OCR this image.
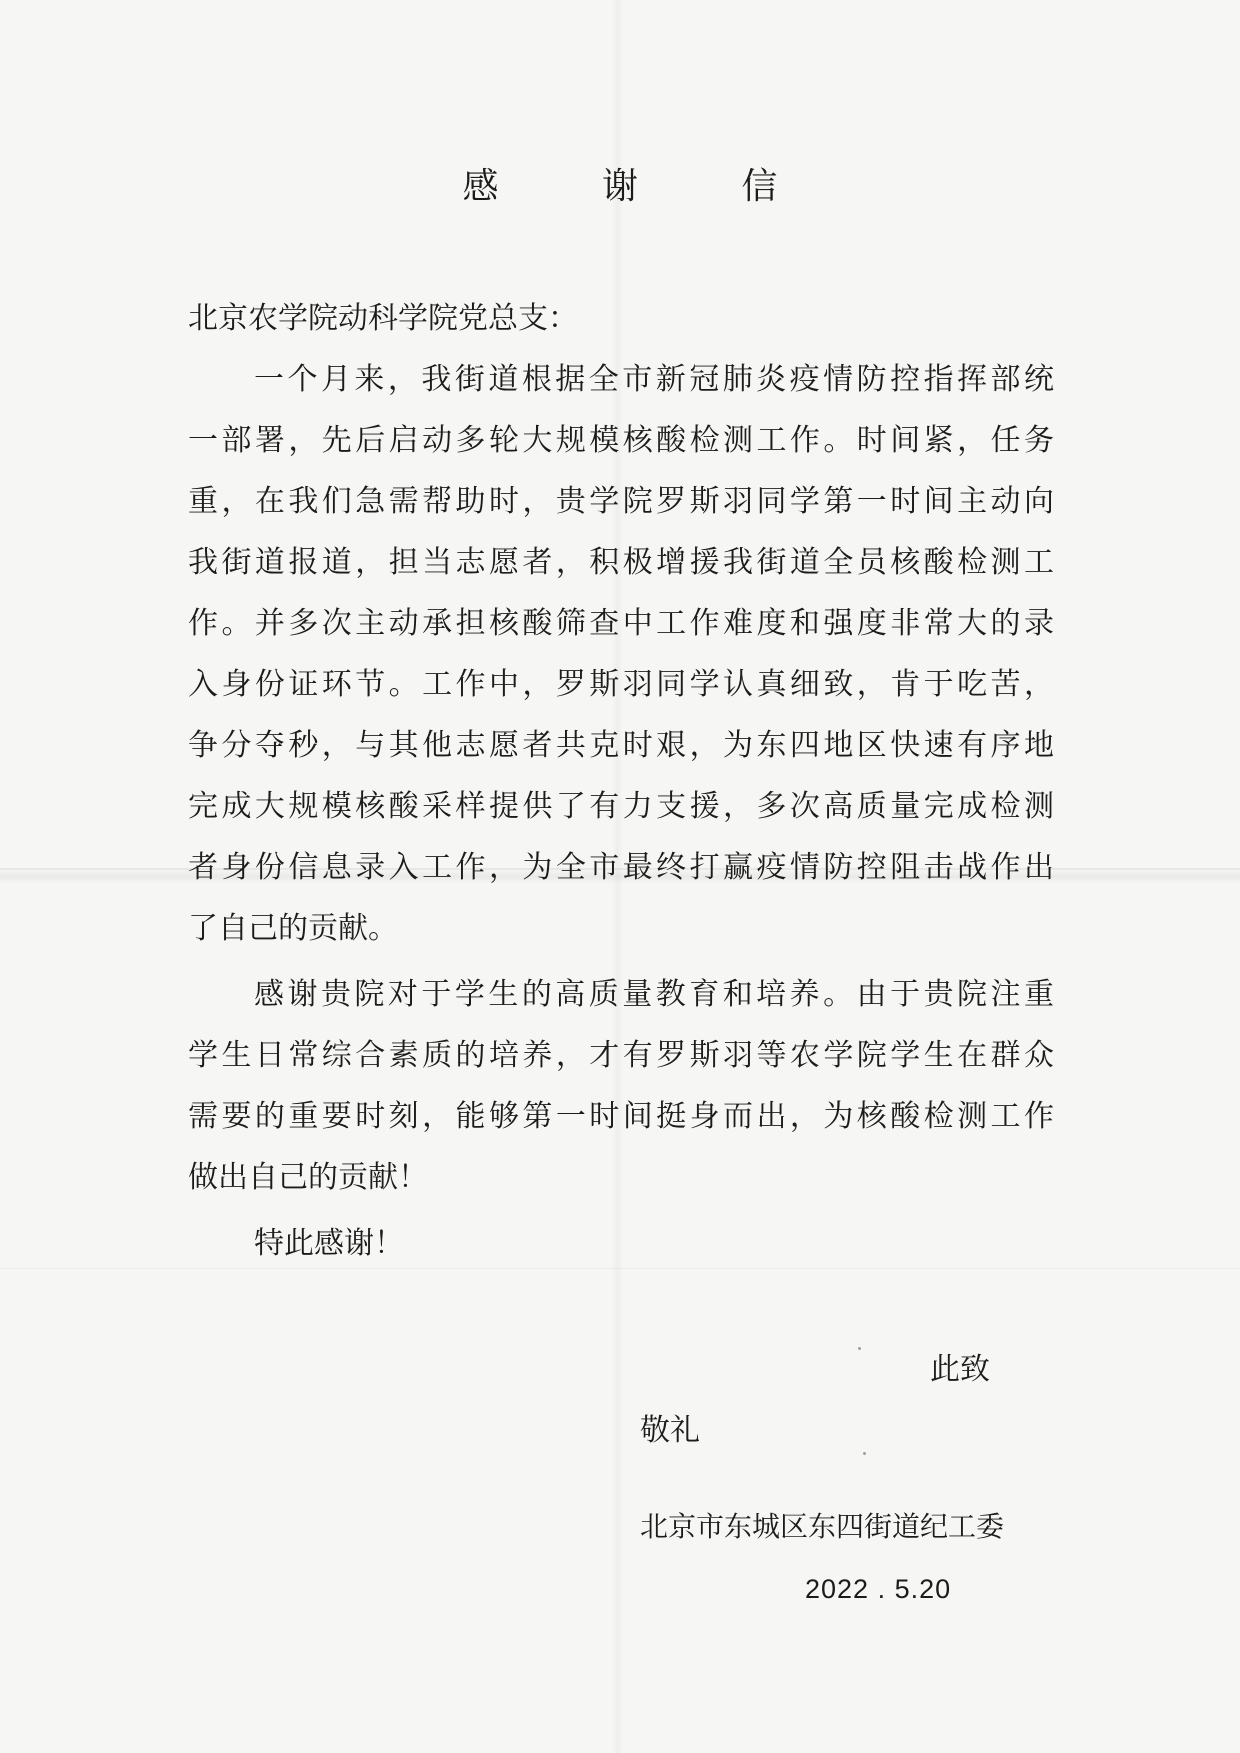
感 谢 信
北京农学院动科学院党总支：
一个月来，我街道根据全市新冠肺炎疫情防控指挥部统
一部署，先后启动多轮大规模核酸检测工作。时间紧，任务
重，在我们急需帮助时，贵学院罗斯羽同学第一时间主动向
我街道报道，担当志愿者，积极增援我街道全员核酸检测工
作。并多次主动承担核酸筛查中工作难度和强度非常大的录
入身份证环节。工作中，罗斯羽同学认真细致，肯于吃苦，
争分夺秒，与其他志愿者共克时艰，为东四地区快速有序地
完成大规模核酸采样提供了有力支援，多次高质量完成检测
者身份信息录入工作，为全市最终打赢疫情防控阻击战作出
了自己的贡献。
感谢贵院对于学生的高质量教育和培养。由于贵院注重
学生日常综合素质的培养，才有罗斯羽等农学院学生在群众
需要的重要时刻，能够第一时间挺身而出，为核酸检测工作
做出自己的贡献！
特此感谢！
此致
敬礼
北京市东城区东四街道纪工委
2022 . 5.20
